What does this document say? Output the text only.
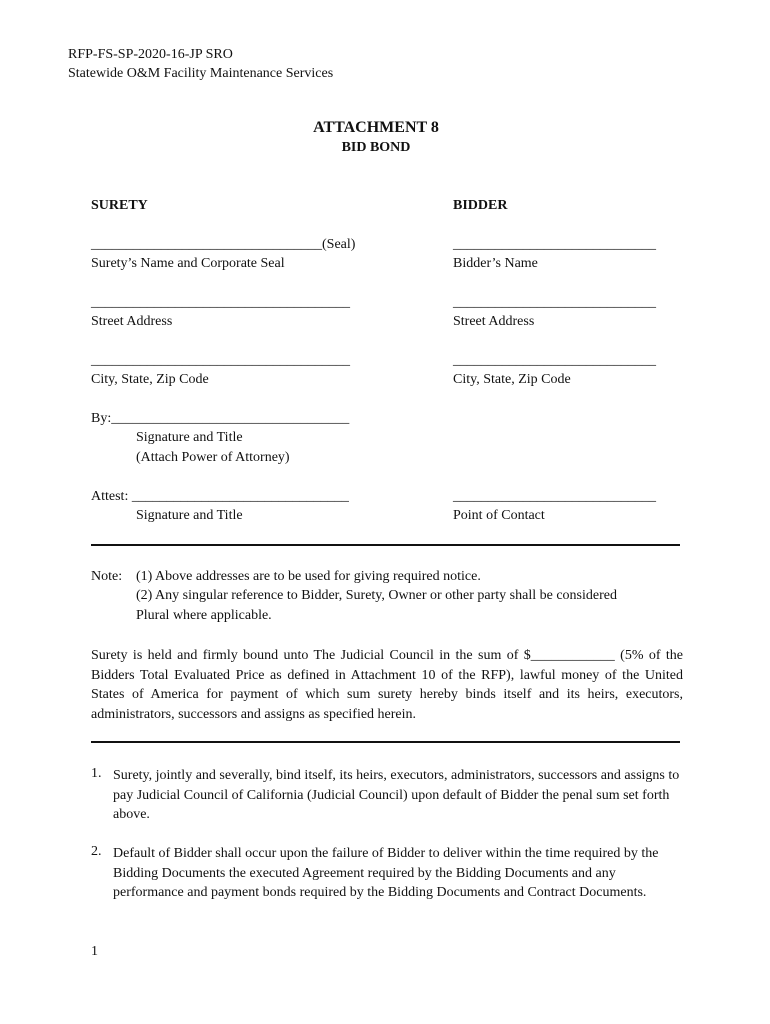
RFP-FS-SP-2020-16-JP SRO
Statewide O&M Facility Maintenance Services
ATTACHMENT 8
BID BOND
SURETY
_________________________________(Seal)
Surety’s Name and Corporate Seal
_____________________________________
Street Address
_____________________________________
City, State, Zip Code
By:__________________________________
Signature and Title
(Attach Power of Attorney)
Attest: _______________________________
Signature and Title
BIDDER
_____________________________
Bidder’s Name
_____________________________
Street Address
_____________________________
City, State, Zip Code
_____________________________
Point of Contact
Note: (1) Above addresses are to be used for giving required notice.
(2) Any singular reference to Bidder, Surety, Owner or other party shall be considered
Plural where applicable.
Surety is held and firmly bound unto The Judicial Council in the sum of $____________ (5% of the Bidders Total Evaluated Price as defined in Attachment 10 of the RFP), lawful money of the United States of America for payment of which sum surety hereby binds itself and its heirs, executors, administrators, successors and assigns as specified herein.
1. Surety, jointly and severally, bind itself, its heirs, executors, administrators, successors and assigns to pay Judicial Council of California (Judicial Council) upon default of Bidder the penal sum set forth above.
2. Default of Bidder shall occur upon the failure of Bidder to deliver within the time required by the Bidding Documents the executed Agreement required by the Bidding Documents and any performance and payment bonds required by the Bidding Documents and Contract Documents.
1
